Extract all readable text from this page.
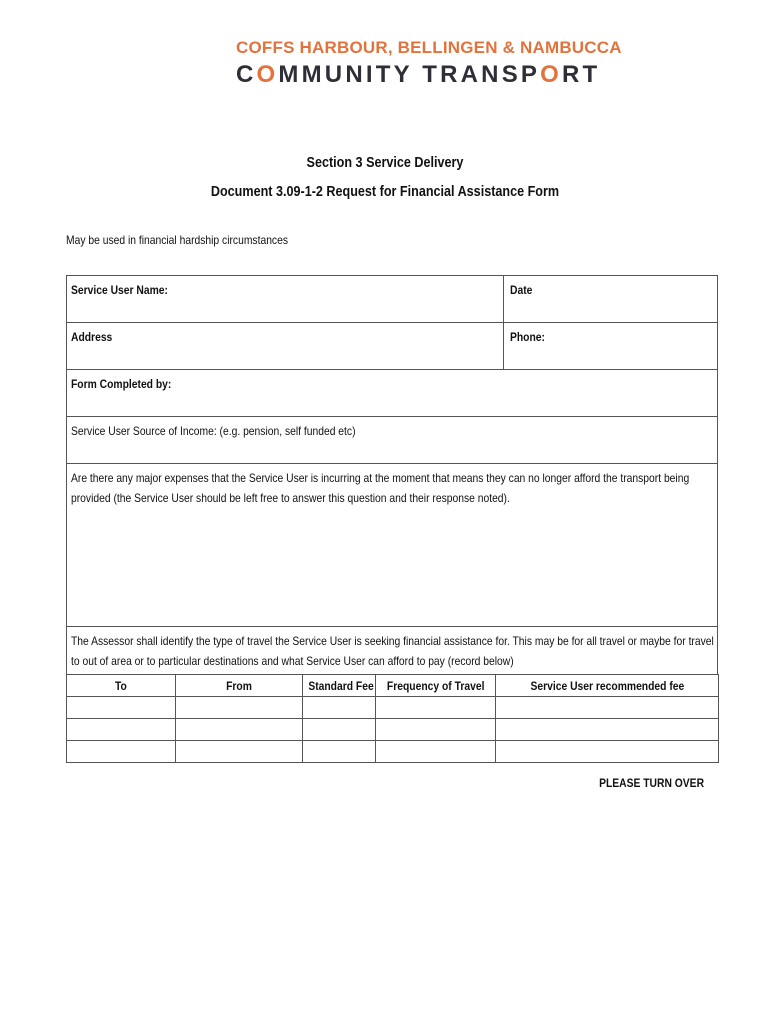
COFFS HARBOUR, BELLINGEN & NAMBUCCA
COMMUNITY TRANSPORT
Section 3 Service Delivery
Document 3.09-1-2 Request for Financial Assistance Form
May be used in financial hardship circumstances
Service User Name:	Date
Address	Phone:
Form Completed by:
Service User Source of Income: (e.g. pension, self funded etc)
Are there any major expenses that the Service User is incurring at the moment that means they can no longer afford the transport being provided (the Service User should be left free to answer this question and their response noted).
The Assessor shall identify the type of travel the Service User is seeking financial assistance for. This may be for all travel or maybe for travel to out of area or to particular destinations and what Service User can afford to pay (record below)
To	From	Standard Fee	Frequency of Travel	Service User recommended fee

PLEASE TURN OVER
